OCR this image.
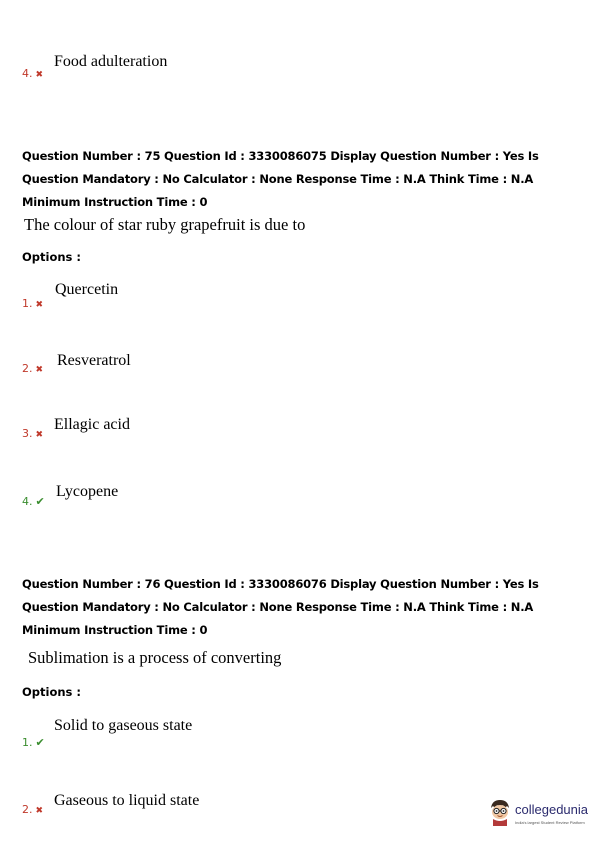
4. ✖
Food adulteration
Question Number : 75 Question Id : 3330086075 Display Question Number : Yes Is Question Mandatory : No Calculator : None Response Time : N.A Think Time : N.A Minimum Instruction Time : 0
The colour of star ruby grapefruit is due to
Options :
1. ✖
Quercetin
2. ✖
Resveratrol
3. ✖
Ellagic acid
4. ✔
Lycopene
Question Number : 76 Question Id : 3330086076 Display Question Number : Yes Is Question Mandatory : No Calculator : None Response Time : N.A Think Time : N.A Minimum Instruction Time : 0
Sublimation is a process of converting
Options :
1. ✔
Solid to gaseous state
2. ✖
Gaseous to liquid state
collegedunia
India's largest Student Review Platform
